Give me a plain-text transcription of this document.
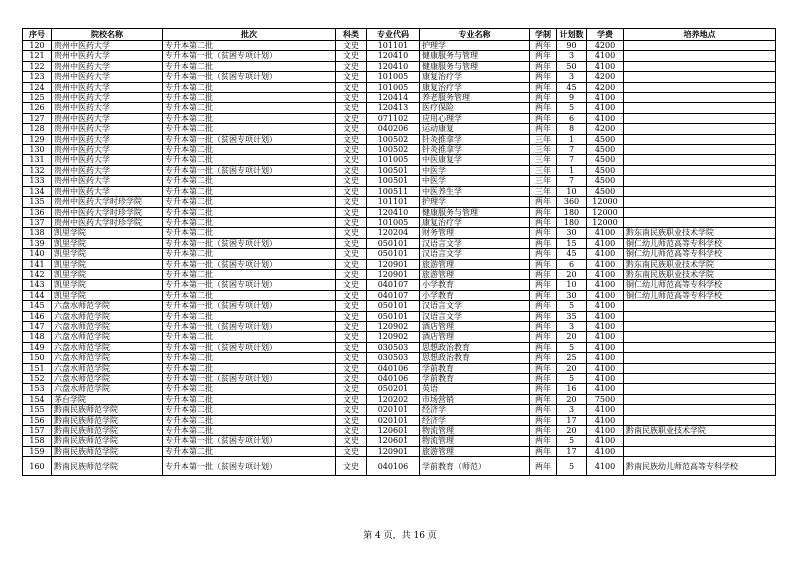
序号	院校名称	批次	科类	专业代码	专业名称	学制	计划数	学费	培养地点
120	贵州中医药大学	专升本第二批	文史	101101	护理学	两年	90	4200	
121	贵州中医药大学	专升本第一批（贫困专项计划）	文史	120410	健康服务与管理	两年	3	4100	
122	贵州中医药大学	专升本第二批	文史	120410	健康服务与管理	两年	50	4100	
123	贵州中医药大学	专升本第一批（贫困专项计划）	文史	101005	康复治疗学	两年	3	4200	
124	贵州中医药大学	专升本第二批	文史	101005	康复治疗学	两年	45	4200	
125	贵州中医药大学	专升本第二批	文史	120414	养老服务管理	两年	9	4100	
126	贵州中医药大学	专升本第二批	文史	120413	医疗保险	两年	5	4100	
127	贵州中医药大学	专升本第二批	文史	071102	应用心理学	两年	6	4100	
128	贵州中医药大学	专升本第二批	文史	040206	运动康复	两年	8	4200	
129	贵州中医药大学	专升本第一批（贫困专项计划）	文史	100502	针灸推拿学	三年	1	4500	
130	贵州中医药大学	专升本第二批	文史	100502	针灸推拿学	三年	7	4500	
131	贵州中医药大学	专升本第二批	文史	101005	中医康复学	三年	7	4500	
132	贵州中医药大学	专升本第一批（贫困专项计划）	文史	100501	中医学	三年	1	4500	
133	贵州中医药大学	专升本第二批	文史	100501	中医学	三年	7	4500	
134	贵州中医药大学	专升本第二批	文史	100511	中医养生学	三年	10	4500	
135	贵州中医药大学时珍学院	专升本第二批	文史	101101	护理学	两年	360	12000	
136	贵州中医药大学时珍学院	专升本第二批	文史	120410	健康服务与管理	两年	180	12000	
137	贵州中医药大学时珍学院	专升本第二批	文史	101005	康复治疗学	两年	180	12000	
138	凯里学院	专升本第二批	文史	120204	财务管理	两年	30	4100	黔东南民族职业技术学院
139	凯里学院	专升本第一批（贫困专项计划）	文史	050101	汉语言文学	两年	15	4100	铜仁幼儿师范高等专科学校
140	凯里学院	专升本第二批	文史	050101	汉语言文学	两年	45	4100	铜仁幼儿师范高等专科学校
141	凯里学院	专升本第一批（贫困专项计划）	文史	120901	旅游管理	两年	6	4100	黔东南民族职业技术学院
142	凯里学院	专升本第二批	文史	120901	旅游管理	两年	20	4100	黔东南民族职业技术学院
143	凯里学院	专升本第一批（贫困专项计划）	文史	040107	小学教育	两年	10	4100	铜仁幼儿师范高等专科学校
144	凯里学院	专升本第二批	文史	040107	小学教育	两年	30	4100	铜仁幼儿师范高等专科学校
145	六盘水师范学院	专升本第一批（贫困专项计划）	文史	050101	汉语言文学	两年	5	4100	
146	六盘水师范学院	专升本第二批	文史	050101	汉语言文学	两年	35	4100	
147	六盘水师范学院	专升本第一批（贫困专项计划）	文史	120902	酒店管理	两年	3	4100	
148	六盘水师范学院	专升本第二批	文史	120902	酒店管理	两年	20	4100	
149	六盘水师范学院	专升本第一批（贫困专项计划）	文史	030503	思想政治教育	两年	5	4100	
150	六盘水师范学院	专升本第二批	文史	030503	思想政治教育	两年	25	4100	
151	六盘水师范学院	专升本第二批	文史	040106	学前教育	两年	20	4100	
152	六盘水师范学院	专升本第一批（贫困专项计划）	文史	040106	学前教育	两年	5	4100	
153	六盘水师范学院	专升本第二批	文史	050201	英语	两年	16	4100	
154	茅台学院	专升本第二批	文史	120202	市场营销	两年	20	7500	
155	黔南民族师范学院	专升本第二批	文史	020101	经济学	两年	3	4100	
156	黔南民族师范学院	专升本第二批	文史	020101	经济学	两年	17	4100	
157	黔南民族师范学院	专升本第二批	文史	120601	物流管理	两年	20	4100	黔南民族职业技术学院
158	黔南民族师范学院	专升本第一批（贫困专项计划）	文史	120601	物流管理	两年	5	4100	
159	黔南民族师范学院	专升本第二批	文史	120901	旅游管理	两年	17	4100	
160	黔南民族师范学院	专升本第一批（贫困专项计划）	文史	040106	学前教育（师范）	两年	5	4100	黔南民族幼儿师范高等专科学校
第 4 页，共 16 页
